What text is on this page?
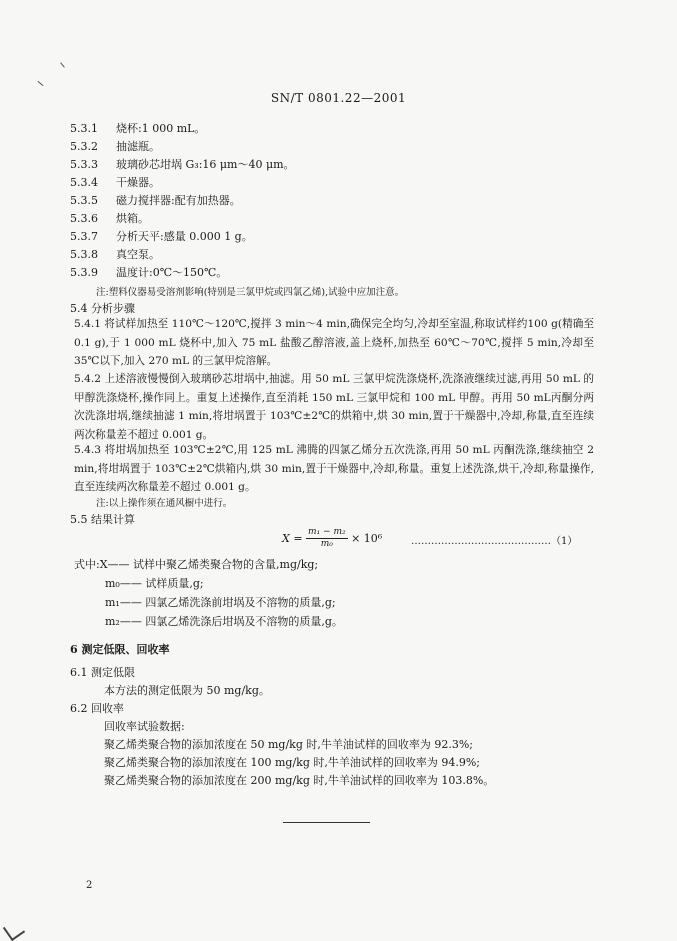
SN/T 0801.22—2001
5.3.1 烧杯:1 000 mL。
5.3.2 抽滤瓶。
5.3.3 玻璃砂芯坩埚 G₃:16 μm～40 μm。
5.3.4 干燥器。
5.3.5 磁力搅拌器:配有加热器。
5.3.6 烘箱。
5.3.7 分析天平:感量 0.000 1 g。
5.3.8 真空泵。
5.3.9 温度计:0℃～150℃。
注:塑料仪器易受溶剂影响(特别是三氯甲烷或四氯乙烯),试验中应加注意。
5.4 分析步骤
5.4.1 将试样加热至 110℃～120℃,搅拌 3 min～4 min,确保完全均匀,冷却至室温,称取试样约100 g(精确至 0.1 g),于 1 000 mL 烧杯中,加入 75 mL 盐酸乙醇溶液,盖上烧杯,加热至 60℃～70℃,搅拌 5 min,冷却至 35℃以下,加入 270 mL 的三氯甲烷溶解。
5.4.2 上述溶液慢慢倒入玻璃砂芯坩埚中,抽滤。用 50 mL 三氯甲烷洗涤烧杯,洗涤液继续过滤,再用 50 mL 的甲醇洗涤烧杯,操作同上。重复上述操作,直至消耗 150 mL 三氯甲烷和 100 mL 甲醇。再用 50 mL丙酮分两次洗涤坩埚,继续抽滤 1 min,将坩埚置于 103℃±2℃的烘箱中,烘 30 min,置于干燥器中,冷却,称量,直至连续两次称量差不超过 0.001 g。
5.4.3 将坩埚加热至 103℃±2℃,用 125 mL 沸腾的四氯乙烯分五次洗涤,再用 50 mL 丙酮洗涤,继续抽空 2 min,将坩埚置于 103℃±2℃烘箱内,烘 30 min,置于干燥器中,冷却,称量。重复上述洗涤,烘干,冷却,称量操作,直至连续两次称量差不超过 0.001 g。
注:以上操作须在通风橱中进行。
5.5 结果计算
$X = \frac{\text{m₁ − m₂}}{\text{m₀}} \times 10^6$	……………………………………（1）
式中:X—— 试样中聚乙烯类聚合物的含量,mg/kg;
m₀—— 试样质量,g;
m₁—— 四氯乙烯洗涤前坩埚及不溶物的质量,g;
m₂—— 四氯乙烯洗涤后坩埚及不溶物的质量,g。
6 测定低限、回收率
6.1 测定低限
本方法的测定低限为 50 mg/kg。
6.2 回收率
回收率试验数据:
聚乙烯类聚合物的添加浓度在 50 mg/kg 时,牛羊油试样的回收率为 92.3%;
聚乙烯类聚合物的添加浓度在 100 mg/kg 时,牛羊油试样的回收率为 94.9%;
聚乙烯类聚合物的添加浓度在 200 mg/kg 时,牛羊油试样的回收率为 103.8%。
2
